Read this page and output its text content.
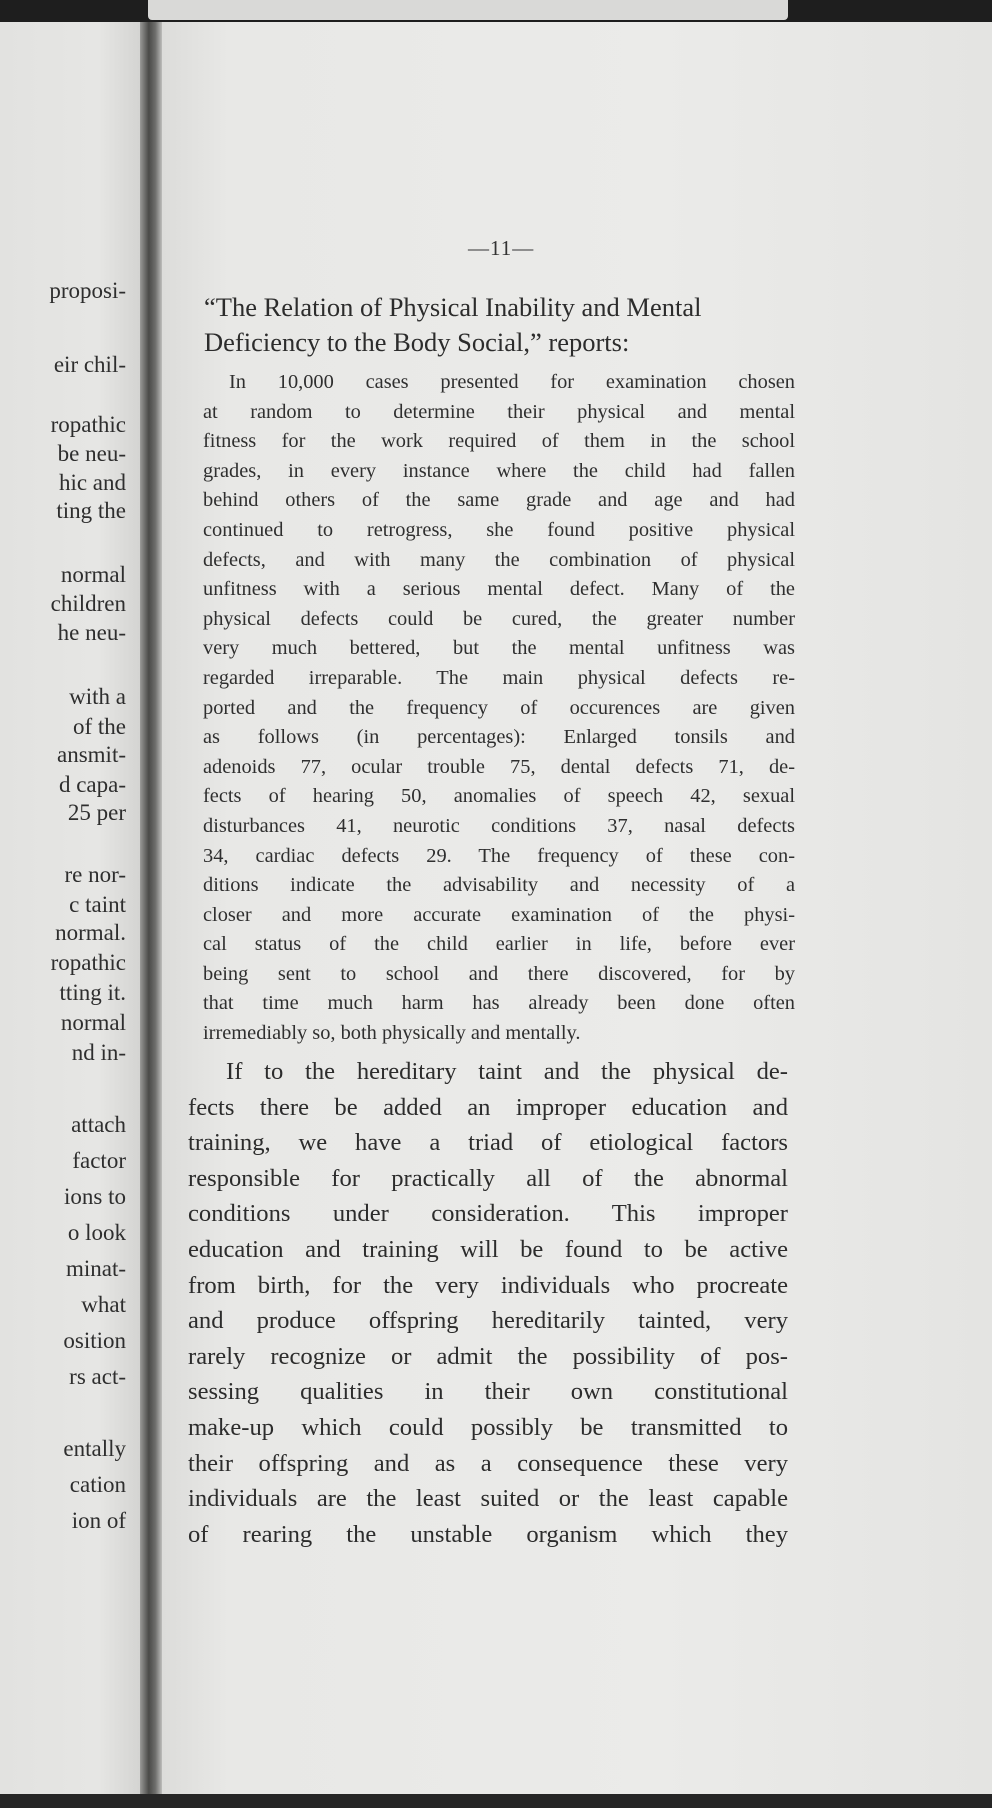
proposi-
eir chil-
ropathic
be neu-
hic and
ting the
normal
children
he neu-
with a
of the
ansmit-
d capa-
25 per
re nor-
c taint
normal.
ropathic
tting it.
normal
nd in-
attach
factor
ions to
o look
minat-
what
osition
rs act-
entally
cation
ion of
—11—
“The Relation of Physical Inability and Mental
Deficiency to the Body Social,” reports:
In 10,000 cases presented for examination chosen
at random to determine their physical and mental
fitness for the work required of them in the school
grades, in every instance where the child had fallen
behind others of the same grade and age and had
continued to retrogress, she found positive physical
defects, and with many the combination of physical
unfitness with a serious mental defect. Many of the
physical defects could be cured, the greater number
very much bettered, but the mental unfitness was
regarded irreparable. The main physical defects re-
ported and the frequency of occurences are given
as follows (in percentages): Enlarged tonsils and
adenoids 77, ocular trouble 75, dental defects 71, de-
fects of hearing 50, anomalies of speech 42, sexual
disturbances 41, neurotic conditions 37, nasal defects
34, cardiac defects 29. The frequency of these con-
ditions indicate the advisability and necessity of a
closer and more accurate examination of the physi-
cal status of the child earlier in life, before ever
being sent to school and there discovered, for by
that time much harm has already been done often
irremediably so, both physically and mentally.
If to the hereditary taint and the physical de-
fects there be added an improper education and
training, we have a triad of etiological factors
responsible for practically all of the abnormal
conditions under consideration. This improper
education and training will be found to be active
from birth, for the very individuals who procreate
and produce offspring hereditarily tainted, very
rarely recognize or admit the possibility of pos-
sessing qualities in their own constitutional
make-up which could possibly be transmitted to
their offspring and as a consequence these very
individuals are the least suited or the least capable
of rearing the unstable organism which they
